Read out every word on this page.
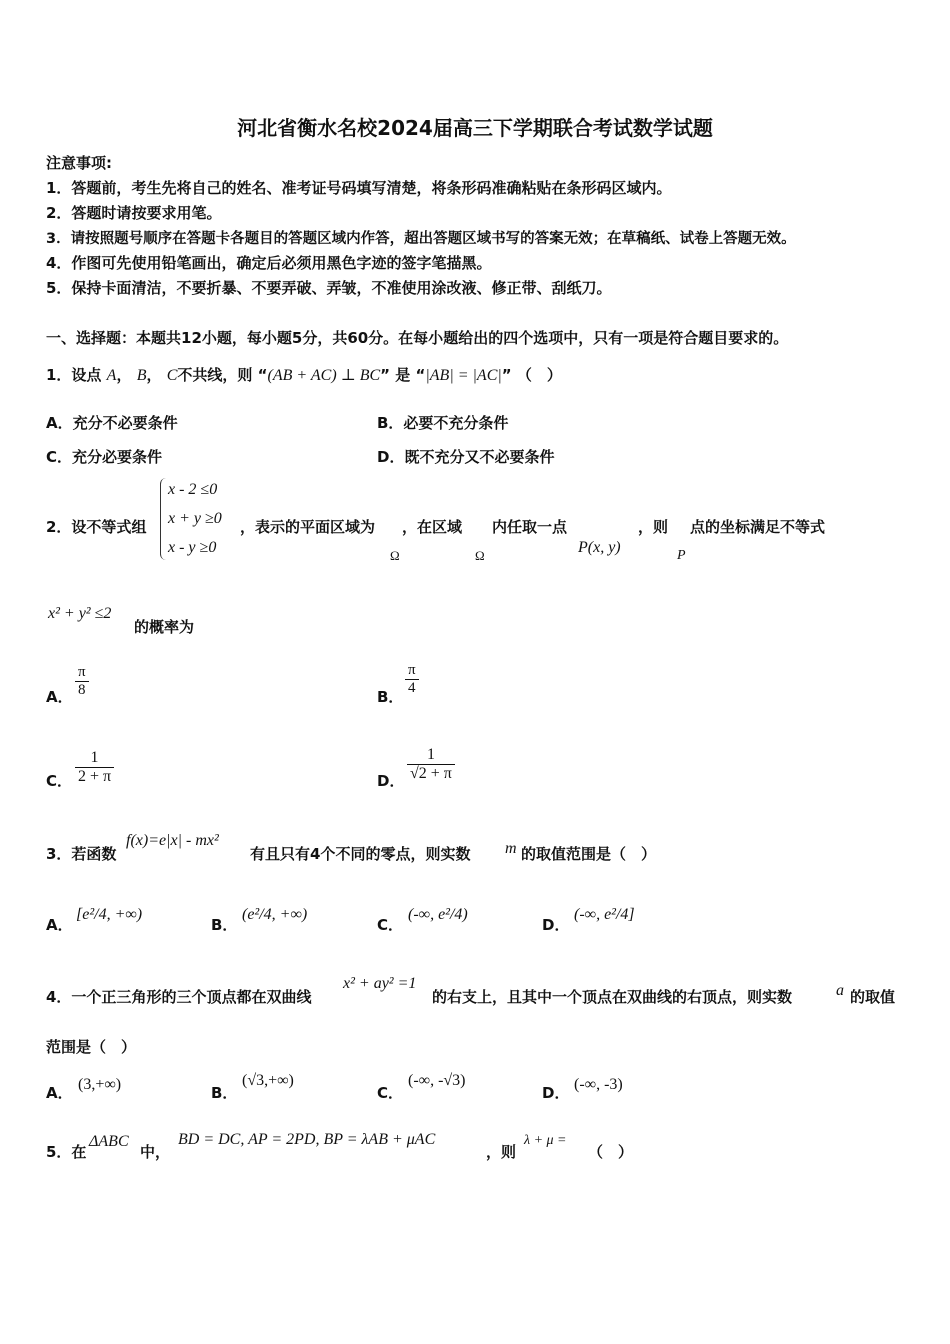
河北省衡水名校2024届高三下学期联合考试数学试题
注意事项:
1．答题前，考生先将自己的姓名、准考证号码填写清楚，将条形码准确粘贴在条形码区域内。
2．答题时请按要求用笔。
3．请按照题号顺序在答题卡各题目的答题区域内作答，超出答题区域书写的答案无效；在草稿纸、试卷上答题无效。
4．作图可先使用铅笔画出，确定后必须用黑色字迹的签字笔描黑。
5．保持卡面清洁，不要折暴、不要弄破、弄皱，不准使用涂改液、修正带、刮纸刀。
一、选择题：本题共12小题，每小题5分，共60分。在每小题给出的四个选项中，只有一项是符合题目要求的。
1．设点 A， B， C不共线，则 “(AB + AC) ⊥ BC” 是 “|AB| = |AC|” （　）
A．充分不必要条件	B．必要不充分条件
C．充分必要条件	D．既不充分又不必要条件
2．设不等式组
x - 2 ≤0
x + y ≥0
x - y ≥0
，表示的平面区域为
Ω
，在区域
Ω
内任取一点
P(x, y)
，则
P
点的坐标满足不等式
x² + y² ≤2
的概率为
A． $\frac{\pi}{8}$	B． $\frac{\pi}{4}$
C． $\frac{1}{2 + \pi}$	D． $\frac{1}{√2 + \pi}$
3．若函数
f(x)=e|x| - mx²
有且只有4个不同的零点，则实数 m 的取值范围是（　）
A．
[e²/4, +∞)
B．
(e²/4, +∞)
C．
(-∞, e²/4)
D．
(-∞, e²/4]
4．一个正三角形的三个顶点都在双曲线
x² + ay² =1
的右支上，且其中一个顶点在双曲线的右顶点，则实数	a 的取值
范围是（　）
A． (3,+∞)	B．
(√3,+∞)
C．
(-∞, -√3)
D． (-∞, -3)
5．在
ΔABC
中，
BD = DC, AP = 2PD, BP = λAB + μAC
，则
λ + μ =
（　）
